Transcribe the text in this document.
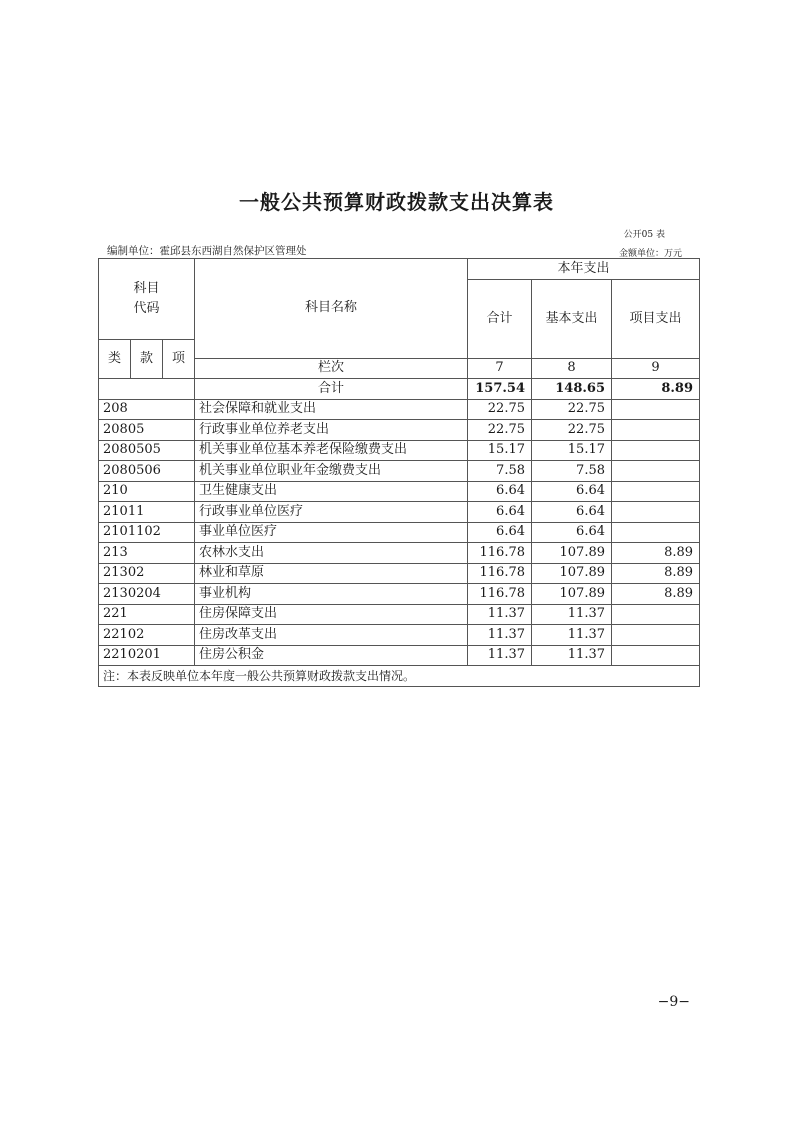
一般公共预算财政拨款支出决算表
公开05 表
编制单位：霍邱县东西湖自然保护区管理处	金额单位：万元
科目
代码			科目名称	本年支出		
				合计	基本支出	项目支出
类	款	项				
			栏次	7	8	9
			合计	157.54	148.65	8.89
208			社会保障和就业支出	22.75	22.75	
20805			行政事业单位养老支出	22.75	22.75	
2080505			机关事业单位基本养老保险缴费支出	15.17	15.17	
2080506			机关事业单位职业年金缴费支出	7.58	7.58	
210			卫生健康支出	6.64	6.64	
21011			行政事业单位医疗	6.64	6.64	
2101102			事业单位医疗	6.64	6.64	
213			农林水支出	116.78	107.89	8.89
21302			林业和草原	116.78	107.89	8.89
2130204			事业机构	116.78	107.89	8.89
221			住房保障支出	11.37	11.37	
22102			住房改革支出	11.37	11.37	
2210201			住房公积金	11.37	11.37	
注：本表反映单位本年度一般公共预算财政拨款支出情况。						
−9−
